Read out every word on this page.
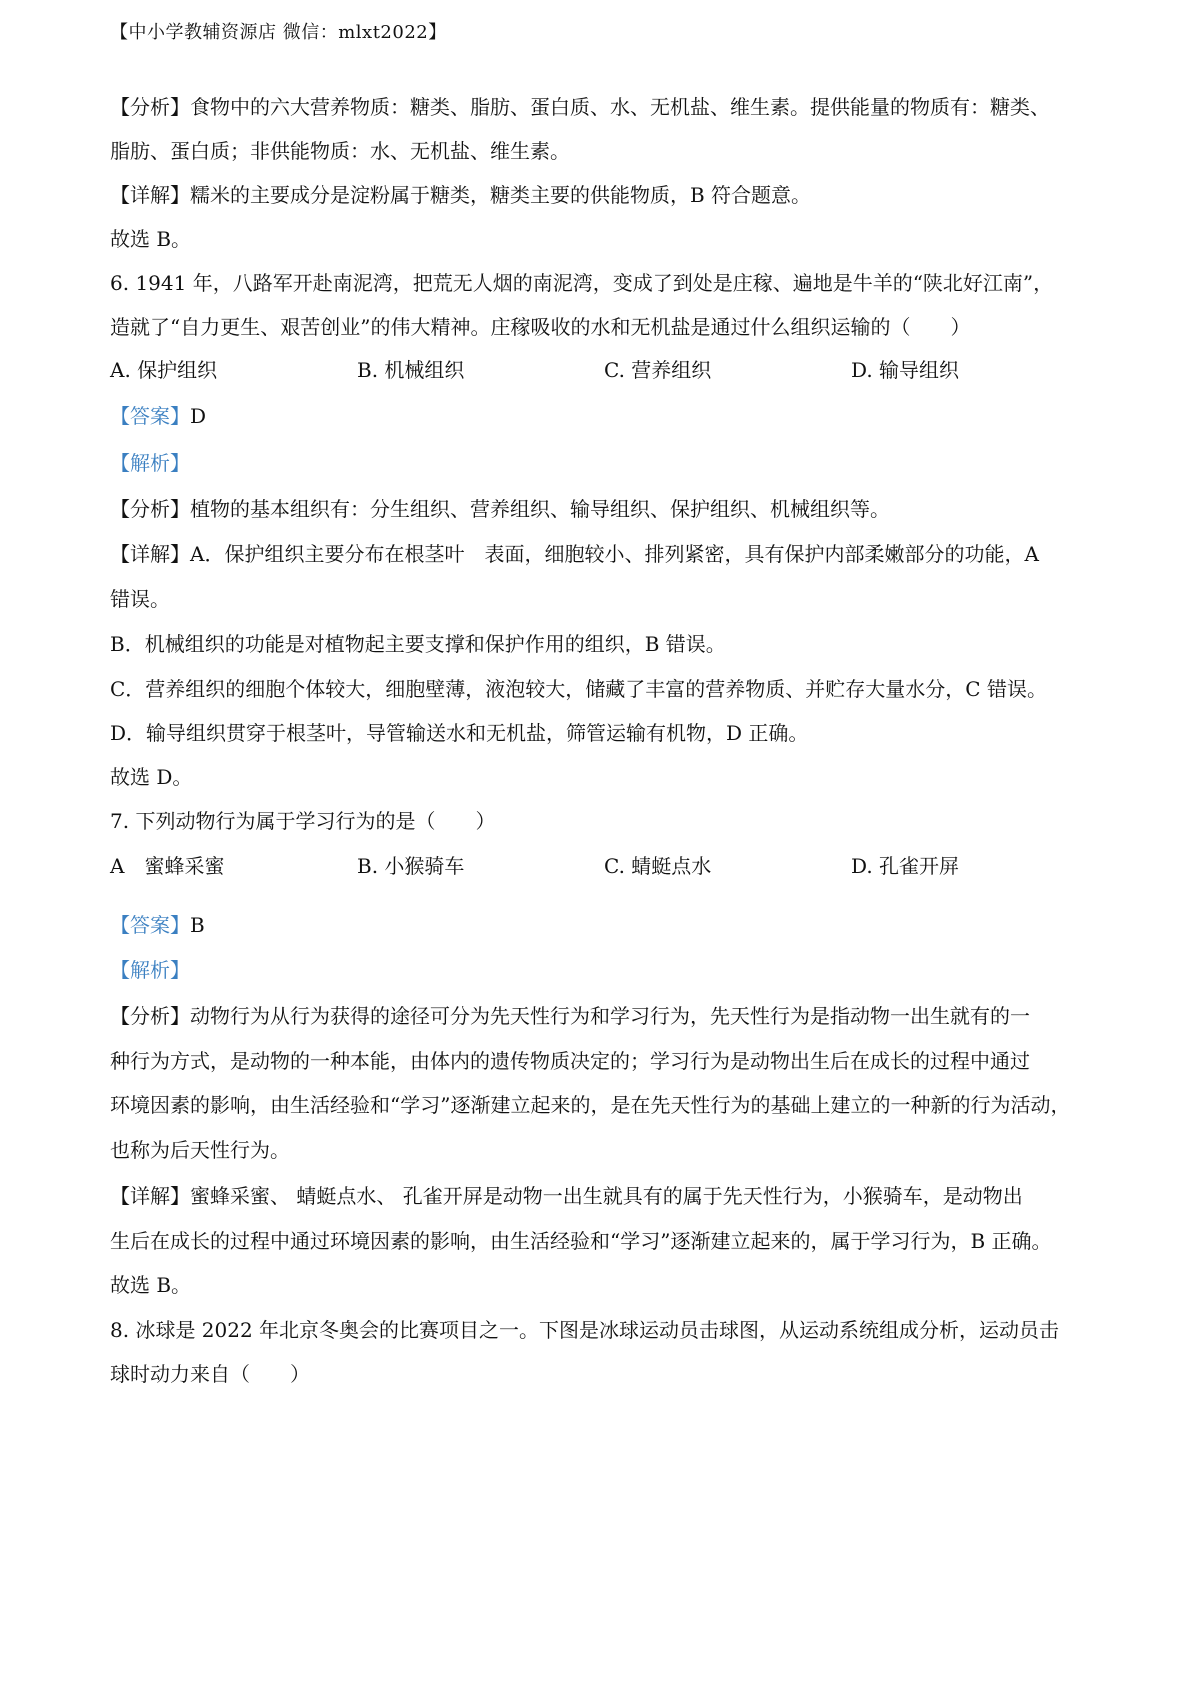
【中小学教辅资源店 微信：mlxt2022】
【分析】食物中的六大营养物质：糖类、脂肪、蛋白质、水、无机盐、维生素。提供能量的物质有：糖类、
脂肪、蛋白质；非供能物质：水、无机盐、维生素。
【详解】糯米的主要成分是淀粉属于糖类，糖类主要的供能物质，B 符合题意。
故选 B。
6. 1941 年，八路军开赴南泥湾，把荒无人烟的南泥湾，变成了到处是庄稼、遍地是牛羊的“陕北好江南”，
造就了“自力更生、艰苦创业”的伟大精神。庄稼吸收的水和无机盐是通过什么组织运输的（　　）
A. 保护组织	B. 机械组织	C. 营养组织	D. 输导组织
【答案】D
【解析】
【分析】植物的基本组织有：分生组织、营养组织、输导组织、保护组织、机械组织等。
【详解】A．保护组织主要分布在根茎叶　表面，细胞较小、排列紧密，具有保护内部柔嫩部分的功能，A
错误。
B．机械组织的功能是对植物起主要支撑和保护作用的组织，B 错误。
C．营养组织的细胞个体较大，细胞壁薄，液泡较大，储藏了丰富的营养物质、并贮存大量水分，C 错误。
D．输导组织贯穿于根茎叶，导管输送水和无机盐，筛管运输有机物，D 正确。
故选 D。
7. 下列动物行为属于学习行为的是（　　）
A　蜜蜂采蜜	B. 小猴骑车	C. 蜻蜓点水	D. 孔雀开屏
【答案】B
【解析】
【分析】动物行为从行为获得的途径可分为先天性行为和学习行为，先天性行为是指动物一出生就有的一
种行为方式，是动物的一种本能，由体内的遗传物质决定的；学习行为是动物出生后在成长的过程中通过
环境因素的影响，由生活经验和“学习”逐渐建立起来的，是在先天性行为的基础上建立的一种新的行为活动，
也称为后天性行为。
【详解】蜜蜂采蜜、 蜻蜓点水、 孔雀开屏是动物一出生就具有的属于先天性行为，小猴骑车，是动物出
生后在成长的过程中通过环境因素的影响，由生活经验和“学习”逐渐建立起来的，属于学习行为，B 正确。
故选 B。
8. 冰球是 2022 年北京冬奥会的比赛项目之一。下图是冰球运动员击球图，从运动系统组成分析，运动员击
球时动力来自（　　）
